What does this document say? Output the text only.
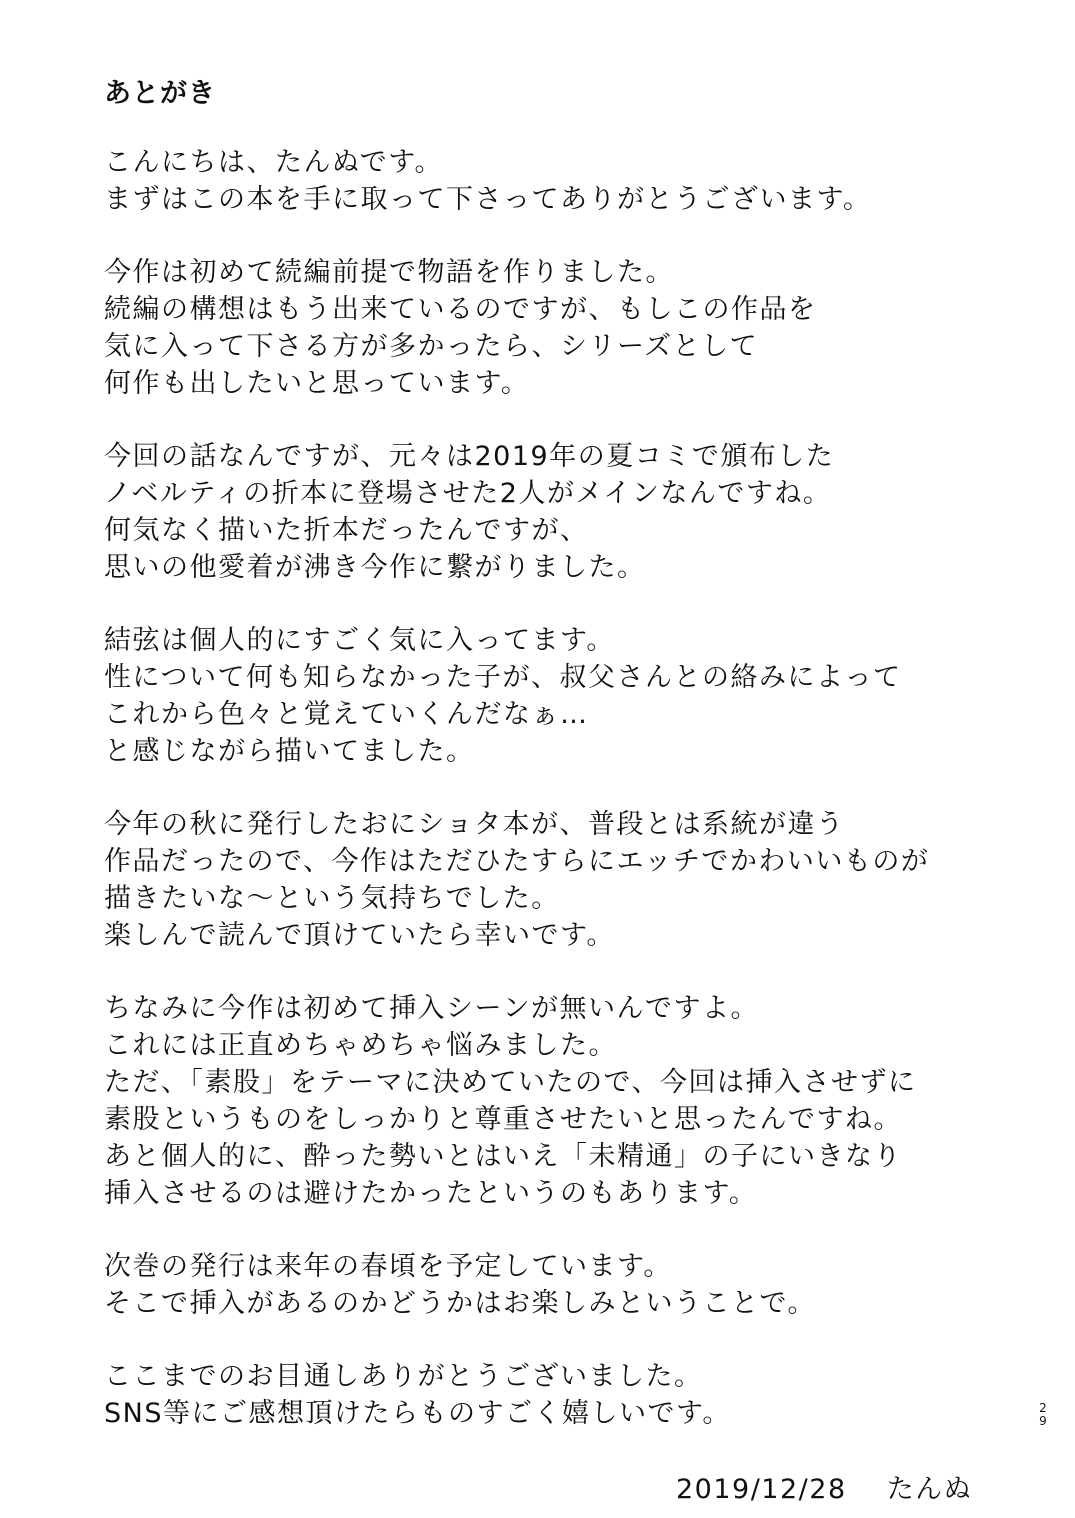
あとがき
こんにちは、たんぬです。
まずはこの本を手に取って下さってありがとうございます。
今作は初めて続編前提で物語を作りました。
続編の構想はもう出来ているのですが、もしこの作品を
気に入って下さる方が多かったら、シリーズとして
何作も出したいと思っています。
今回の話なんですが、元々は2019年の夏コミで頒布した
ノベルティの折本に登場させた2人がメインなんですね。
何気なく描いた折本だったんですが、
思いの他愛着が沸き今作に繋がりました。
結弦は個人的にすごく気に入ってます。
性について何も知らなかった子が、叔父さんとの絡みによって
これから色々と覚えていくんだなぁ…
と感じながら描いてました。
今年の秋に発行したおにショタ本が、普段とは系統が違う
作品だったので、今作はただひたすらにエッチでかわいいものが
描きたいな～という気持ちでした。
楽しんで読んで頂けていたら幸いです。
ちなみに今作は初めて挿入シーンが無いんですよ。
これには正直めちゃめちゃ悩みました。
ただ、「素股」をテーマに決めていたので、今回は挿入させずに
素股というものをしっかりと尊重させたいと思ったんですね。
あと個人的に、酔った勢いとはいえ「未精通」の子にいきなり
挿入させるのは避けたかったというのもあります。
次巻の発行は来年の春頃を予定しています。
そこで挿入があるのかどうかはお楽しみということで。
ここまでのお目通しありがとうございました。
SNS等にご感想頂けたらものすごく嬉しいです。	29
2019/12/28 たんぬ
